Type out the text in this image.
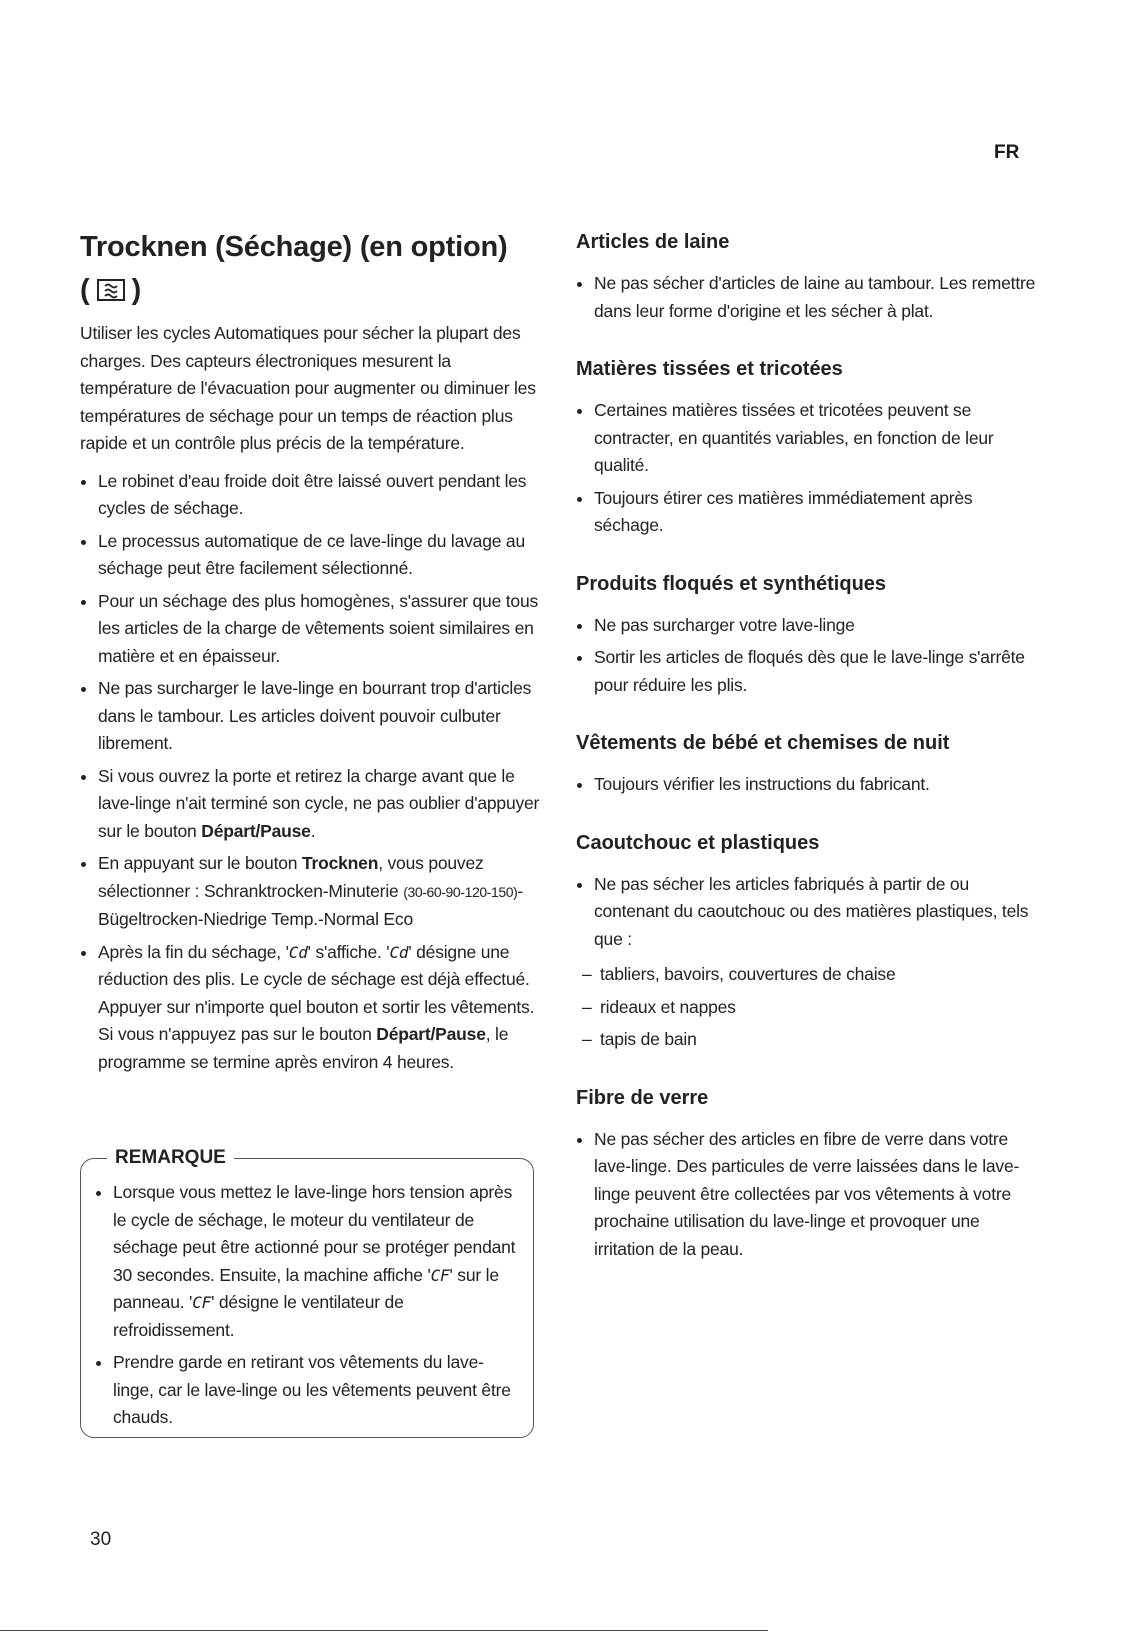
FR
Trocknen (Séchage) (en option)
( )

Utiliser les cycles Automatiques pour sécher la plupart des charges. Des capteurs électroniques mesurent la température de l'évacuation pour augmenter ou diminuer les températures de séchage pour un temps de réaction plus rapide et un contrôle plus précis de la température.

Le robinet d'eau froide doit être laissé ouvert pendant les cycles de séchage.
Le processus automatique de ce lave-linge du lavage au séchage peut être facilement sélectionné.
Pour un séchage des plus homogènes, s'assurer que tous les articles de la charge de vêtements soient similaires en matière et en épaisseur.
Ne pas surcharger le lave-linge en bourrant trop d'articles dans le tambour. Les articles doivent pouvoir culbuter librement.
Si vous ouvrez la porte et retirez la charge avant que le lave-linge n'ait terminé son cycle, ne pas oublier d'appuyer sur le bouton Départ/Pause.
En appuyant sur le bouton Trocknen, vous pouvez sélectionner : Schranktrocken-Minuterie (30-60-90-120-150)-Bügeltrocken-Niedrige Temp.-Normal Eco
Après la fin du séchage, 'Cd' s'affiche. 'Cd' désigne une réduction des plis. Le cycle de séchage est déjà effectué. Appuyer sur n'importe quel bouton et sortir les vêtements. Si vous n'appuyez pas sur le bouton Départ/Pause, le programme se termine après environ 4 heures.
REMARQUE
Lorsque vous mettez le lave-linge hors tension après le cycle de séchage, le moteur du ventilateur de séchage peut être actionné pour se protéger pendant 30 secondes. Ensuite, la machine affiche 'CF' sur le panneau. 'CF' désigne le ventilateur de refroidissement.
Prendre garde en retirant vos vêtements du lave-linge, car le lave-linge ou les vêtements peuvent être chauds.
Articles de laine
Ne pas sécher d'articles de laine au tambour. Les remettre dans leur forme d'origine et les sécher à plat.
Matières tissées et tricotées
Certaines matières tissées et tricotées peuvent se contracter, en quantités variables, en fonction de leur qualité.
Toujours étirer ces matières immédiatement après séchage.
Produits floqués et synthétiques
Ne pas surcharger votre lave-linge
Sortir les articles de floqués dès que le lave-linge s'arrête pour réduire les plis.
Vêtements de bébé et chemises de nuit
Toujours vérifier les instructions du fabricant.
Caoutchouc et plastiques
Ne pas sécher les articles fabriqués à partir de ou contenant du caoutchouc ou des matières plastiques, tels que :
– tabliers, bavoirs, couvertures de chaise
– rideaux et nappes
– tapis de bain
Fibre de verre
Ne pas sécher des articles en fibre de verre dans votre lave-linge. Des particules de verre laissées dans le lave-linge peuvent être collectées par vos vêtements à votre prochaine utilisation du lave-linge et provoquer une irritation de la peau.
30
